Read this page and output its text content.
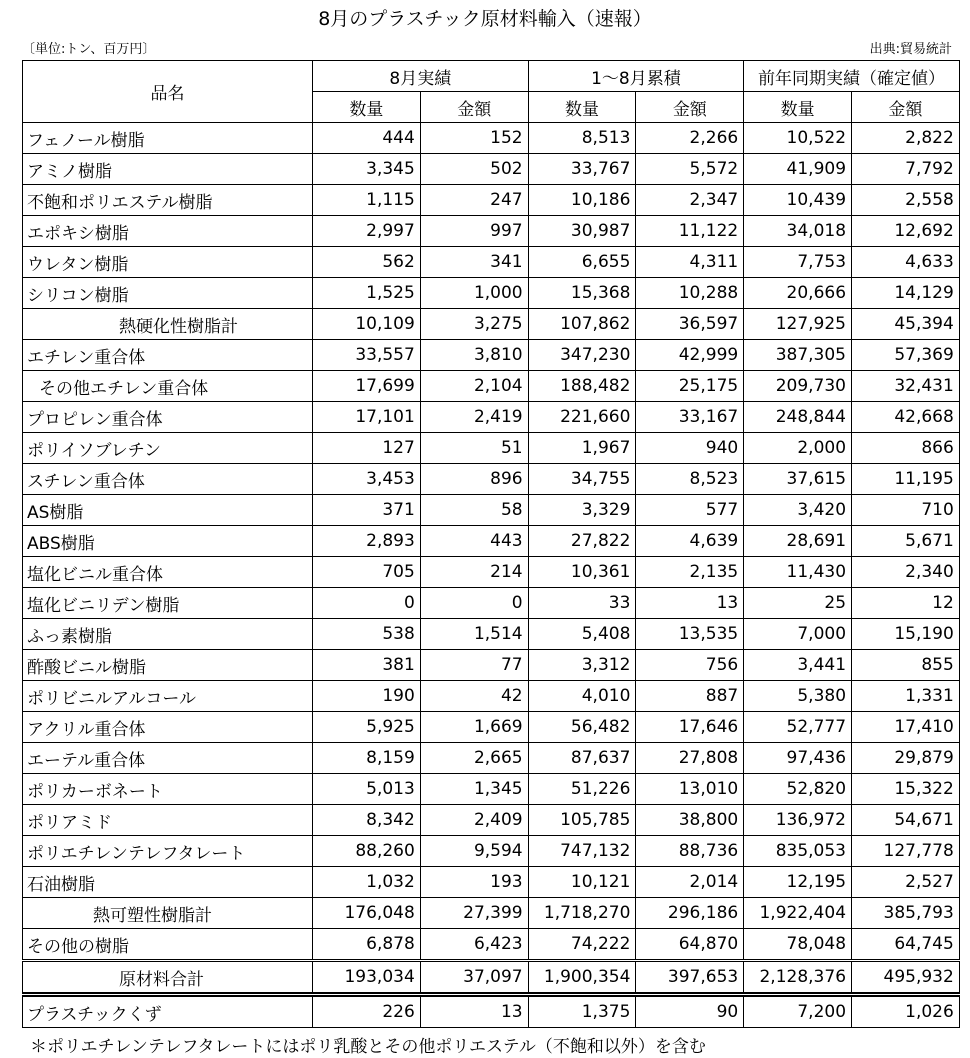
8月のプラスチック原材料輸入（速報）
〔単位:トン、百万円〕	出典:貿易統計
品名	8月実績		1～8月累積		前年同期実績（確定値）	
	数量	金額	数量	金額	数量	金額
フェノール樹脂	444	152	8,513	2,266	10,522	2,822
アミノ樹脂	3,345	502	33,767	5,572	41,909	7,792
不飽和ポリエステル樹脂	1,115	247	10,186	2,347	10,439	2,558
エポキシ樹脂	2,997	997	30,987	11,122	34,018	12,692
ウレタン樹脂	562	341	6,655	4,311	7,753	4,633
シリコン樹脂	1,525	1,000	15,368	10,288	20,666	14,129
熱硬化性樹脂計	10,109	3,275	107,862	36,597	127,925	45,394
エチレン重合体	33,557	3,810	347,230	42,999	387,305	57,369
その他エチレン重合体	17,699	2,104	188,482	25,175	209,730	32,431
プロピレン重合体	17,101	2,419	221,660	33,167	248,844	42,668
ポリイソブレチン	127	51	1,967	940	2,000	866
スチレン重合体	3,453	896	34,755	8,523	37,615	11,195
AS樹脂	371	58	3,329	577	3,420	710
ABS樹脂	2,893	443	27,822	4,639	28,691	5,671
塩化ビニル重合体	705	214	10,361	2,135	11,430	2,340
塩化ビニリデン樹脂	0	0	33	13	25	12
ふっ素樹脂	538	1,514	5,408	13,535	7,000	15,190
酢酸ビニル樹脂	381	77	3,312	756	3,441	855
ポリビニルアルコール	190	42	4,010	887	5,380	1,331
アクリル重合体	5,925	1,669	56,482	17,646	52,777	17,410
エーテル重合体	8,159	2,665	87,637	27,808	97,436	29,879
ポリカーボネート	5,013	1,345	51,226	13,010	52,820	15,322
ポリアミド	8,342	2,409	105,785	38,800	136,972	54,671
ポリエチレンテレフタレート	88,260	9,594	747,132	88,736	835,053	127,778
石油樹脂	1,032	193	10,121	2,014	12,195	2,527
熱可塑性樹脂計	176,048	27,399	1,718,270	296,186	1,922,404	385,793
その他の樹脂	6,878	6,423	74,222	64,870	78,048	64,745
原材料合計	193,034	37,097	1,900,354	397,653	2,128,376	495,932
プラスチックくず	226	13	1,375	90	7,200	1,026
＊ポリエチレンテレフタレートにはポリ乳酸とその他ポリエステル（不飽和以外）を含む
